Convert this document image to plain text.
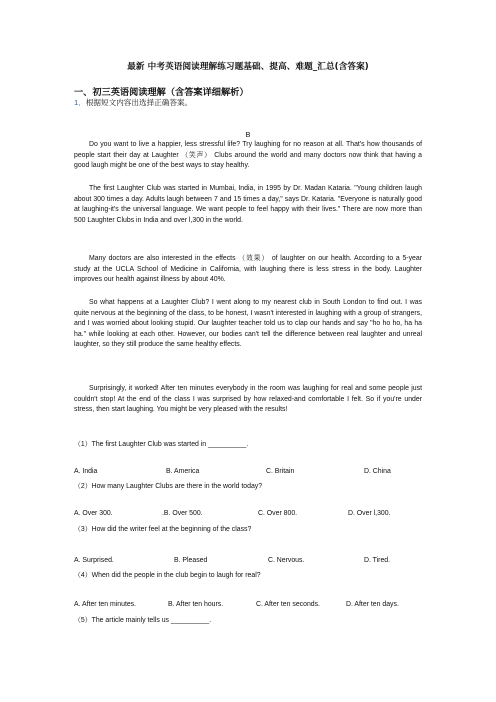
最新 中考英语阅读理解练习题基础、提高、难题_汇总(含答案)
一、初三英语阅读理解（含答案详细解析）
1．根据短文内容出选择正确答案。
B
Do you want to live a happier, less stressful life? Try laughing for no reason at all. That's how thousands of people start their day at Laughter （笑声） Clubs around the world and many doctors now think that having a good laugh might be one of the best ways to stay healthy.
The first Laughter Club was started in Mumbai, India, in 1995 by Dr. Madan Kataria. "Young children laugh about 300 times a day. Adults laugh between 7 and 15 times a day," says Dr. Kataria. "Everyone is naturally good at laughing-it's the universal language. We want people to feel happy with their lives." There are now more than 500 Laughter Clubs in India and over l,300 in the world.
Many doctors are also interested in the effects （效果） of laughter on our health. According to a 5-year study at the UCLA School of Medicine in California, with laughing there is less stress in the body. Laughter improves our health against illness by about 40%.
So what happens at a Laughter Club? I went along to my nearest club in South London to find out. I was quite nervous at the beginning of the class, to be honest, I wasn't interested in laughing with a group of strangers, and I was worried about looking stupid. Our laughter teacher told us to clap our hands and say "ho ho ho, ha ha ha." while looking at each other. However, our bodies can't tell the difference between real laughter and unreal laughter, so they still produce the same healthy effects.
Surprisingly, it worked! After ten minutes everybody in the room was laughing for real and some people just couldn't stop! At the end of the class I was surprised by how relaxed-and comfortable I felt. So if you're under stress, then start laughing. You might be very pleased with the results!
（1）The first Laughter Club was started in __________.
A. India	B. America	C. Britain	D. China
（2）How many Laughter Clubs are there in the world today?
A. Over 300.	.B. Over 500.	C. Over 800.	D. Over l,300.
（3）How did the writer feel at the beginning of the class?
A. Surprised.	B. Pleased	C. Nervous.	D. Tired.
（4）When did the people in the club begin to laugh for real?
A. After ten minutes.	B. After ten hours.	C. After ten seconds.	D. After ten days.
（5）The article mainly tells us __________.
